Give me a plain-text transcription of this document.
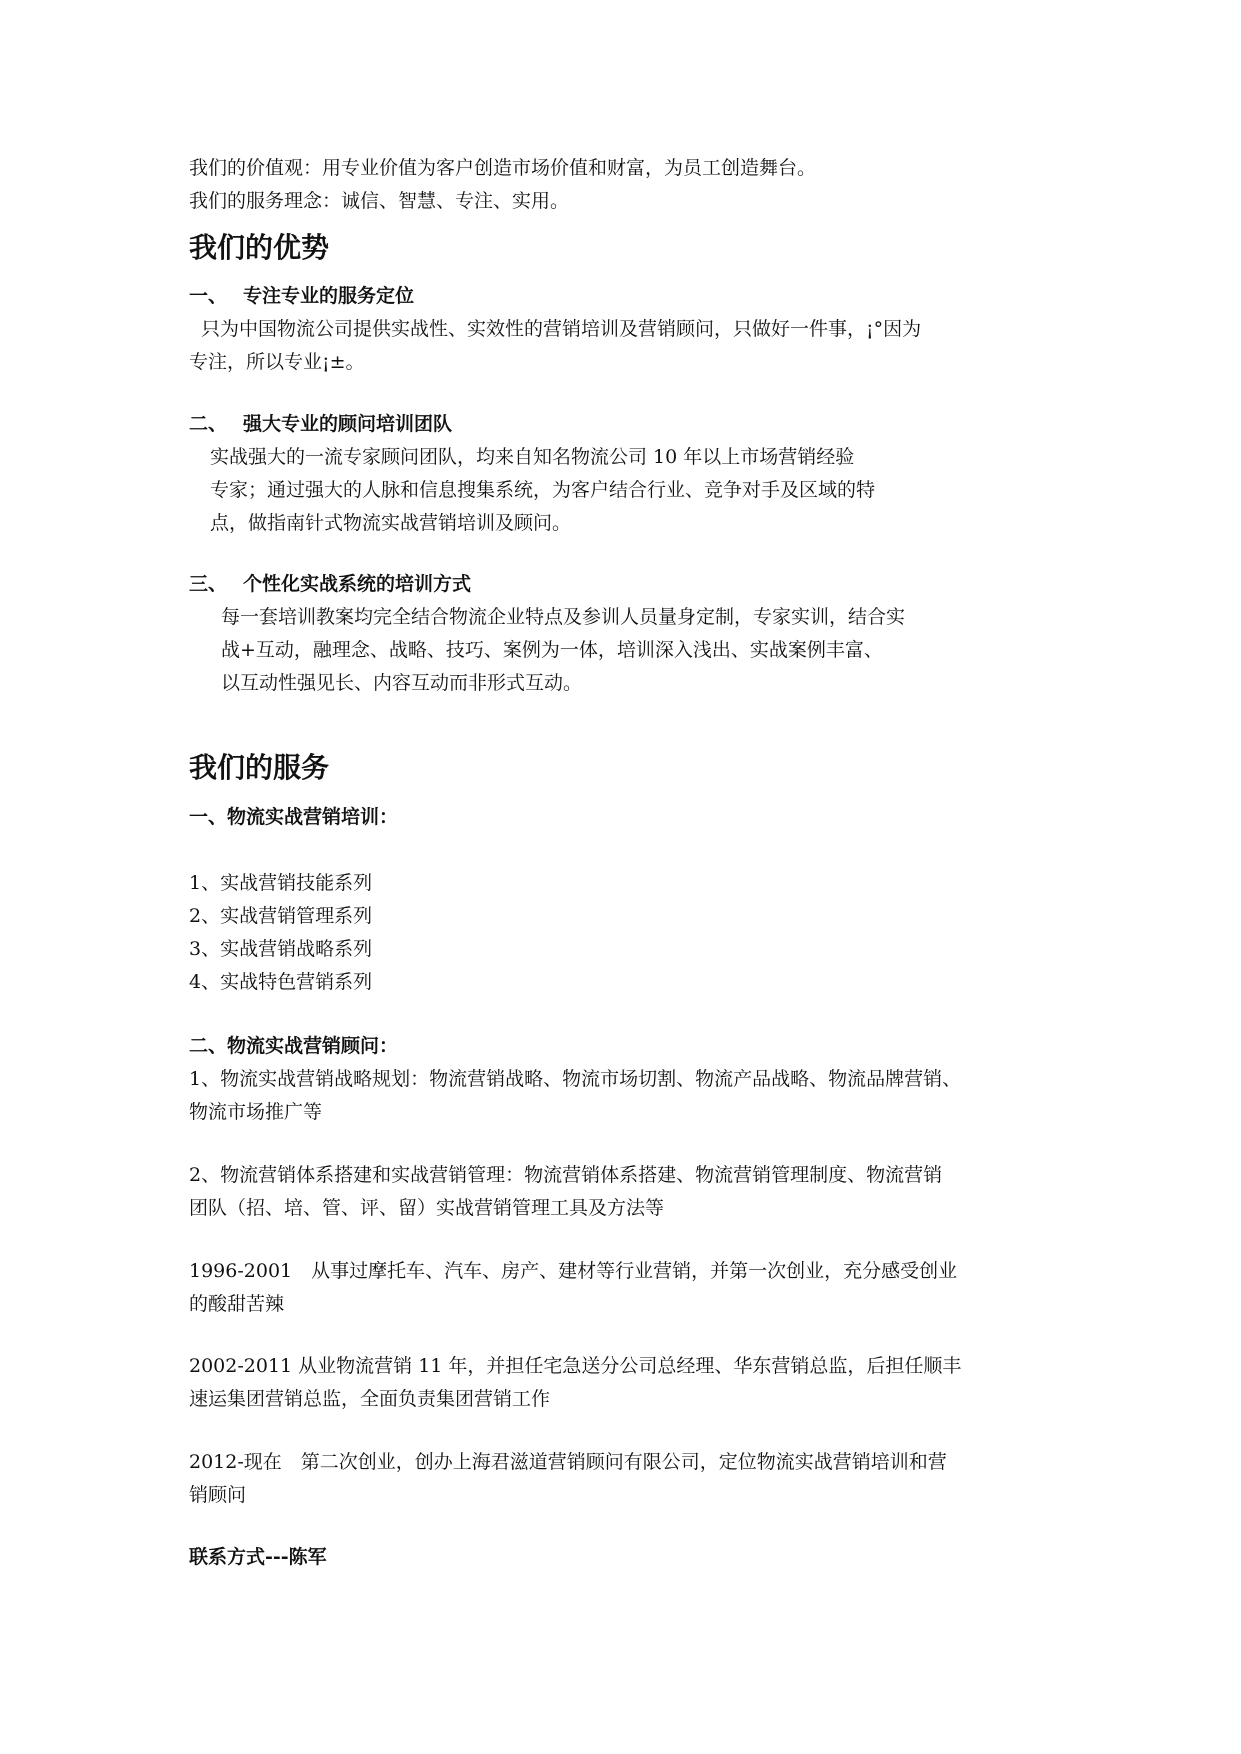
我们的价值观：用专业价值为客户创造市场价值和财富，为员工创造舞台。

我们的服务理念：诚信、智慧、专注、实用。

我们的优势
一、 专注专业的服务定位
只为中国物流公司提供实战性、实效性的营销培训及营销顾问，只做好一件事，¡°因为
专注，所以专业¡±。
二、 强大专业的顾问培训团队
实战强大的一流专家顾问团队，均来自知名物流公司 10 年以上市场营销经验
专家；通过强大的人脉和信息搜集系统，为客户结合行业、竞争对手及区域的特
点，做指南针式物流实战营销培训及顾问。
三、 个性化实战系统的培训方式
每一套培训教案均完全结合物流企业特点及参训人员量身定制，专家实训，结合实
战+互动，融理念、战略、技巧、案例为一体，培训深入浅出、实战案例丰富、
以互动性强见长、内容互动而非形式互动。
我们的服务
一、物流实战营销培训：
1、实战营销技能系列
2、实战营销管理系列
3、实战营销战略系列
4、实战特色营销系列
二、物流实战营销顾问：
1、物流实战营销战略规划：物流营销战略、物流市场切割、物流产品战略、物流品牌营销、
物流市场推广等
2、物流营销体系搭建和实战营销管理：物流营销体系搭建、物流营销管理制度、物流营销
团队（招、培、管、评、留）实战营销管理工具及方法等
1996-2001　从事过摩托车、汽车、房产、建材等行业营销，并第一次创业，充分感受创业
的酸甜苦辣
2002-2011 从业物流营销 11 年，并担任宅急送分公司总经理、华东营销总监，后担任顺丰
速运集团营销总监，全面负责集团营销工作
2012-现在　第二次创业，创办上海君滋道营销顾问有限公司，定位物流实战营销培训和营
销顾问
联系方式---陈军
